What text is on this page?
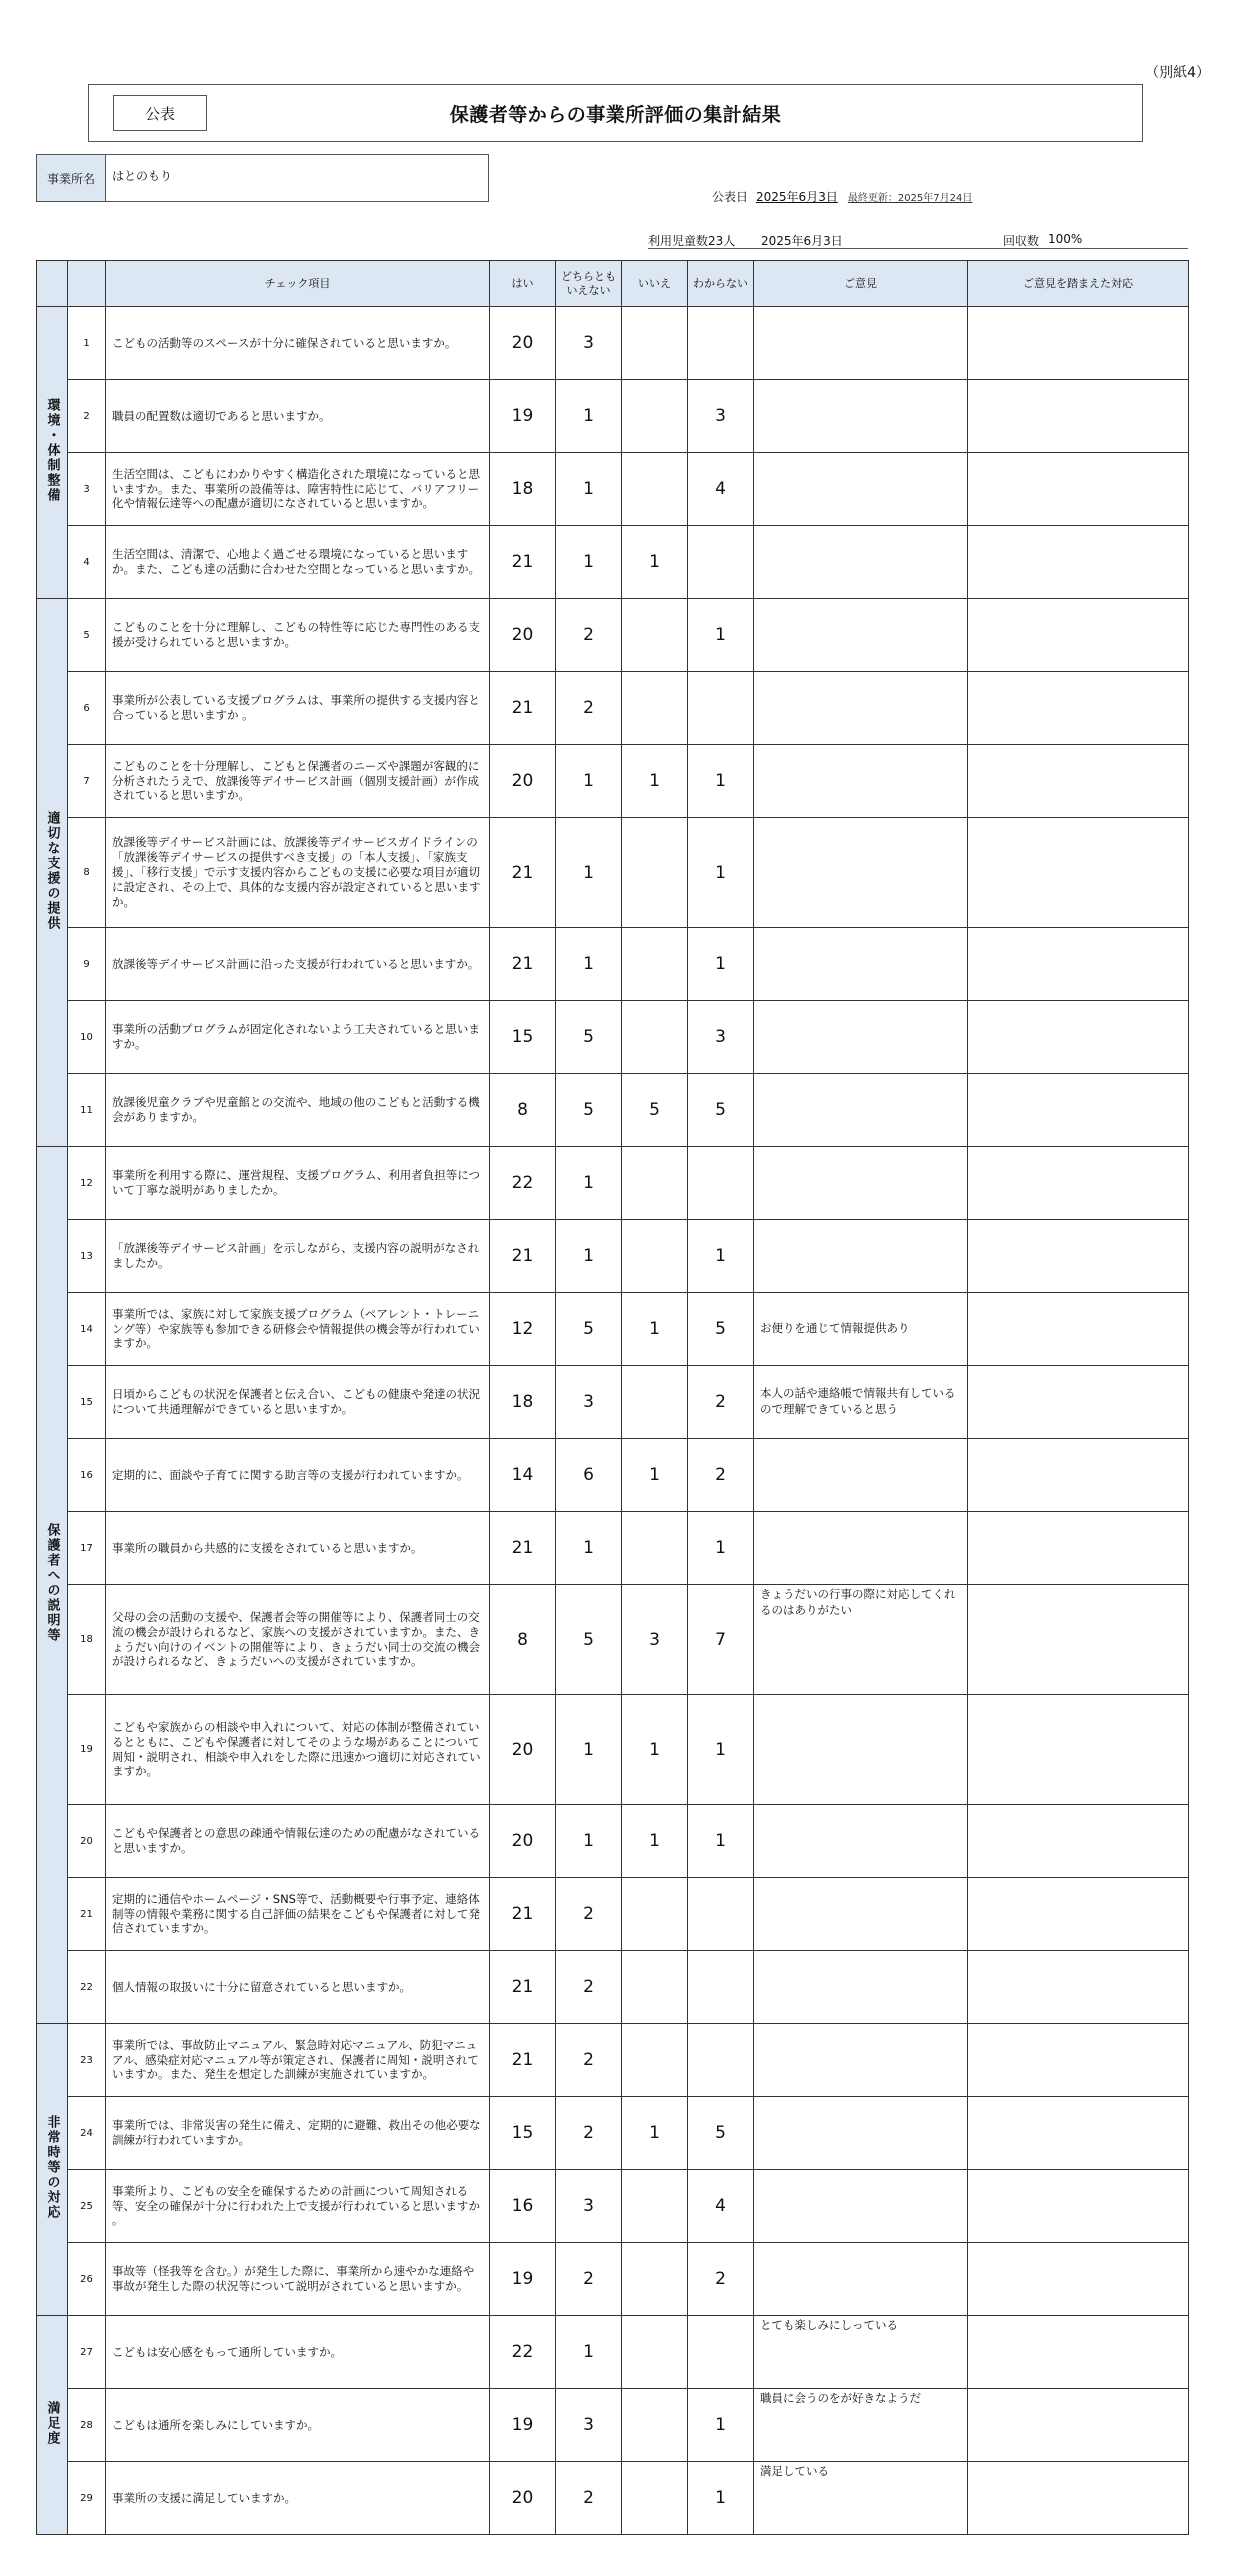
（別紙4）
保護者等からの事業所評価の集計結果
公表
事業所名	はとのもり
公表日 2025年6月3日 最終更新：2025年7月24日
利用児童数23人 2025年6月3日	回収数 100%
		チェック項目	はい	どちらとも
いえない	いいえ	わからない	ご意見	ご意見を踏まえた対応
環境・体制整備	1	こどもの活動等のスペースが十分に確保されていると思いますか。	20	3				
	2	職員の配置数は適切であると思いますか。	19	1		3		
	3	生活空間は、こどもにわかりやすく構造化された環境になっていると思いますか。また、事業所の設備等は、障害特性に応じて、バリアフリー化や情報伝達等への配慮が適切になされていると思いますか。	18	1		4		
	4	生活空間は、清潔で、心地よく過ごせる環境になっていると思いますか。また、こども達の活動に合わせた空間となっていると思いますか。	21	1	1			
適切な支援の提供	5	こどものことを十分に理解し、こどもの特性等に応じた専門性のある支援が受けられていると思いますか。	20	2		1		
	6	事業所が公表している支援プログラムは、事業所の提供する支援内容と合っていると思いますか 。	21	2				
	7	こどものことを十分理解し、こどもと保護者のニーズや課題が客観的に分析されたうえで、放課後等デイサービス計画（個別支援計画）が作成されていると思いますか。	20	1	1	1		
	8	放課後等デイサービス計画には、放課後等デイサービスガイドラインの「放課後等デイサービスの提供すべき支援」の「本人支援」、「家族支援」、「移行支援」で示す支援内容からこどもの支援に必要な項目が適切に設定され、その上で、具体的な支援内容が設定されていると思いますか。	21	1		1		
	9	放課後等デイサービス計画に沿った支援が行われていると思いますか。	21	1		1		
	10	事業所の活動プログラムが固定化されないよう工夫されていると思いますか。	15	5		3		
	11	放課後児童クラブや児童館との交流や、地域の他のこどもと活動する機会がありますか。	8	5	5	5		
保護者への説明等	12	事業所を利用する際に、運営規程、支援プログラム、利用者負担等について丁寧な説明がありましたか。	22	1				
	13	「放課後等デイサービス計画」を示しながら、支援内容の説明がなされましたか。	21	1		1		
	14	事業所では、家族に対して家族支援プログラム（ペアレント・トレーニング等）や家族等も参加できる研修会や情報提供の機会等が行われていますか。	12	5	1	5	お便りを通じて情報提供あり	
	15	日頃からこどもの状況を保護者と伝え合い、こどもの健康や発達の状況について共通理解ができていると思いますか。	18	3		2	本人の話や連絡帳で情報共有しているので理解できていると思う	
	16	定期的に、面談や子育てに関する助言等の支援が行われていますか。	14	6	1	2		
	17	事業所の職員から共感的に支援をされていると思いますか。	21	1		1		
	18	父母の会の活動の支援や、保護者会等の開催等により、保護者同士の交流の機会が設けられるなど、家族への支援がされていますか。また、きょうだい向けのイベントの開催等により、きょうだい同士の交流の機会が設けられるなど、きょうだいへの支援がされていますか。	8	5	3	7	きょうだいの行事の際に対応してくれるのはありがたい	
	19	こどもや家族からの相談や申入れについて、対応の体制が整備されているとともに、こどもや保護者に対してそのような場があることについて周知・説明され、相談や申入れをした際に迅速かつ適切に対応されていますか。	20	1	1	1		
	20	こどもや保護者との意思の疎通や情報伝達のための配慮がなされていると思いますか。	20	1	1	1		
	21	定期的に通信やホームページ・SNS等で、活動概要や行事予定、連絡体制等の情報や業務に関する自己評価の結果をこどもや保護者に対して発信されていますか。	21	2				
	22	個人情報の取扱いに十分に留意されていると思いますか。	21	2				
非常時等の対応	23	事業所では、事故防止マニュアル、緊急時対応マニュアル、防犯マニュアル、感染症対応マニュアル等が策定され、保護者に周知・説明されていますか。また、発生を想定した訓練が実施されていますか。	21	2				
	24	事業所では、非常災害の発生に備え、定期的に避難、救出その他必要な訓練が行われていますか。	15	2	1	5		
	25	事業所より、こどもの安全を確保するための計画について周知される等、安全の確保が十分に行われた上で支援が行われていると思いますか 。	16	3		4		
	26	事故等（怪我等を含む。）が発生した際に、事業所から速やかな連絡や事故が発生した際の状況等について説明がされていると思いますか。	19	2		2		
満足度	27	こどもは安心感をもって通所していますか。	22	1			とても楽しみにしっている	
	28	こどもは通所を楽しみにしていますか。	19	3		1	職員に会うのをが好きなようだ	
	29	事業所の支援に満足していますか。	20	2		1	満足している	
